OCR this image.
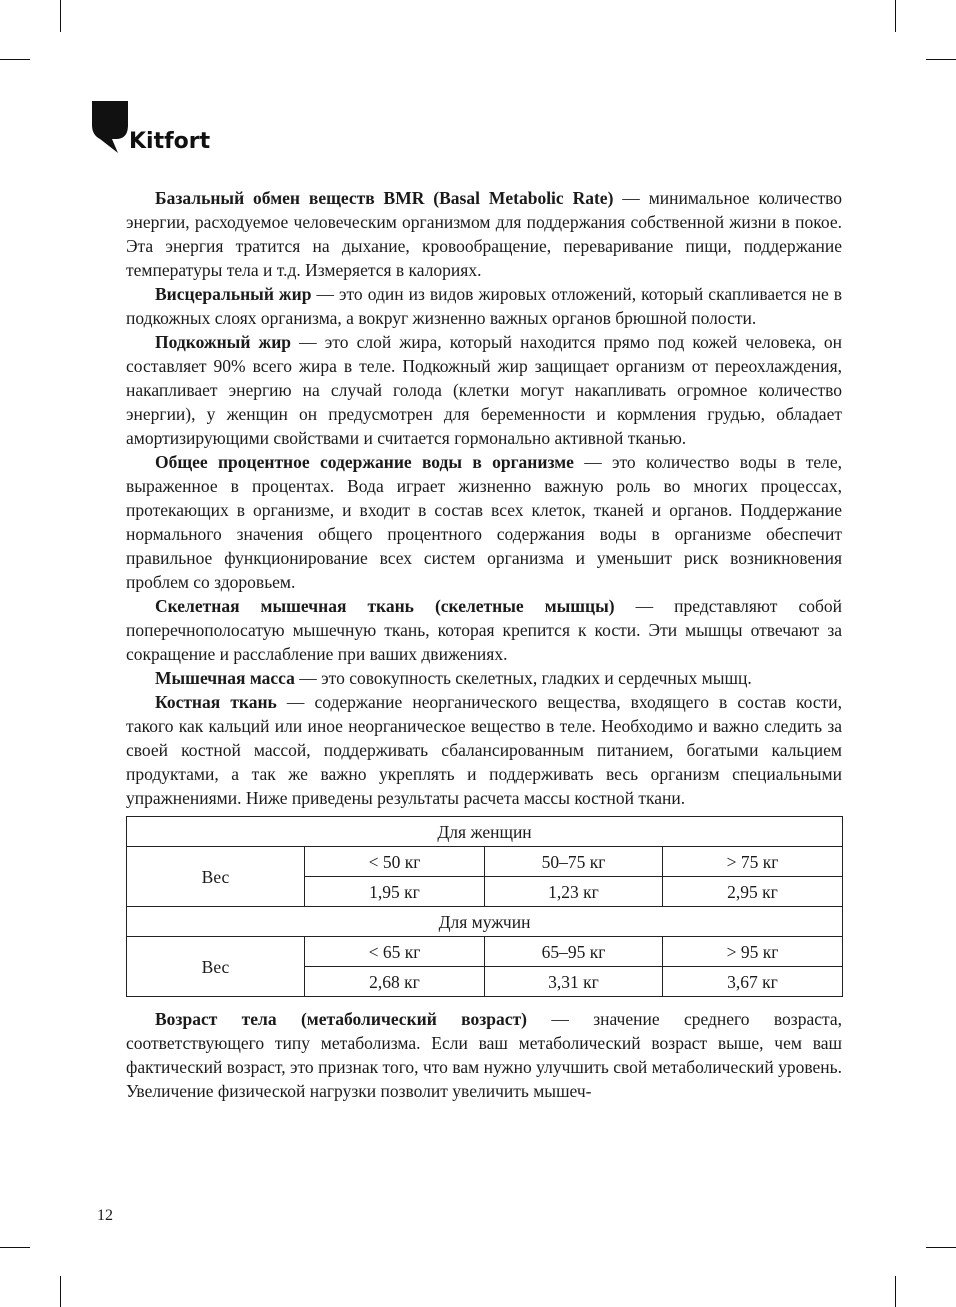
Kitfort

Базальный обмен веществ BMR (Basal Metabolic Rate) — минимальное количество энергии, расходуемое человеческим организмом для поддержания собственной жизни в покое. Эта энергия тратится на дыхание, кровообращение, переваривание пищи, поддержание температуры тела и т.д. Измеряется в калориях.

Висцеральный жир — это один из видов жировых отложений, который скапливается не в подкожных слоях организма, а вокруг жизненно важных органов брюшной полости.

Подкожный жир — это слой жира, который находится прямо под кожей человека, он составляет 90% всего жира в теле. Подкожный жир защищает организм от переохлаждения, накапливает энергию на случай голода (клетки могут накапливать огромное количество энергии), у женщин он предусмотрен для беременности и кормления грудью, обладает амортизирующими свойствами и считается гормонально активной тканью.

Общее процентное содержание воды в организме — это количество воды в теле, выраженное в процентах. Вода играет жизненно важную роль во многих процессах, протекающих в организме, и входит в состав всех клеток, тканей и органов. Поддержание нормального значения общего процентного содержания воды в организме обеспечит правильное функционирование всех систем организма и уменьшит риск возникновения проблем со здоровьем.

Скелетная мышечная ткань (скелетные мышцы) — представляют собой поперечнополосатую мышечную ткань, которая крепится к кости. Эти мышцы отвечают за сокращение и расслабление при ваших движениях.

Мышечная масса — это совокупность скелетных, гладких и сердечных мышц.

Костная ткань — содержание неорганического вещества, входящего в состав кости, такого как кальций или иное неорганическое вещество в теле. Необходимо и важно следить за своей костной массой, поддерживать сбалансированным питанием, богатыми кальцием продуктами, а так же важно укреплять и поддерживать весь организм специальными упражнениями. Ниже приведены результаты расчета массы костной ткани.

Для женщин			
Вес	< 50 кг	50–75 кг	> 75 кг
	1,95 кг	1,23 кг	2,95 кг
Для мужчин			
Вес	< 65 кг	65–95 кг	> 95 кг
	2,68 кг	3,31 кг	3,67 кг

Возраст тела (метаболический возраст) — значение среднего возраста, соответствующего типу метаболизма. Если ваш метаболический возраст выше, чем ваш фактический возраст, это признак того, что вам нужно улучшить свой метаболический уровень. Увеличение физической нагрузки позволит увеличить мышеч-

12
